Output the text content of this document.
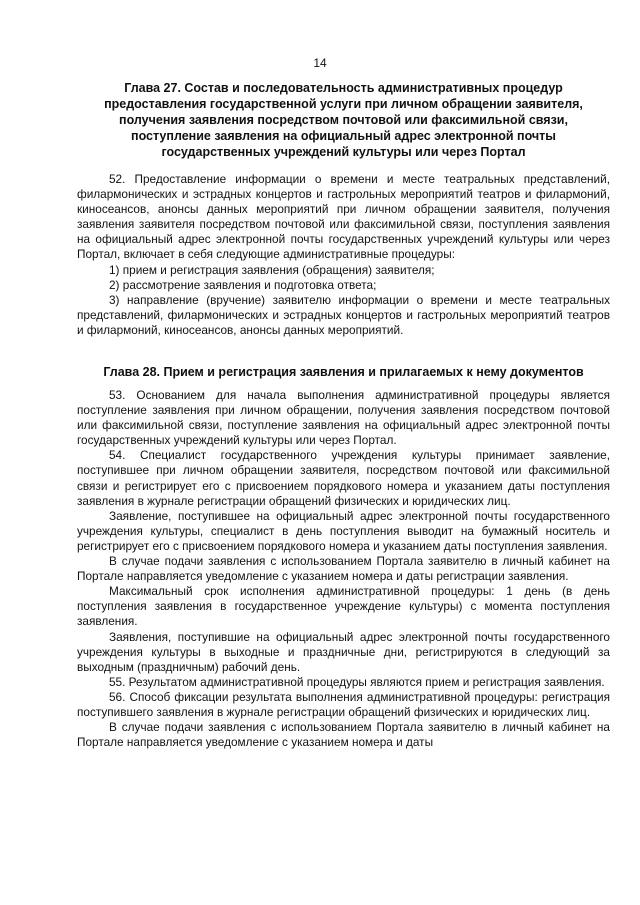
14

Глава 27. Состав и последовательность административных процедур

предоставления государственной услуги при личном обращении заявителя,

получения заявления посредством почтовой или факсимильной связи,

поступление заявления на официальный адрес электронной почты

государственных учреждений культуры или через Портал

52. Предоставление информации о времени и месте театральных представлений, филармонических и эстрадных концертов и гастрольных мероприятий театров и филармоний, киносеансов, анонсы данных мероприятий при личном обращении заявителя, получения заявления заявителя посредством почтовой или факсимильной связи, поступления заявления на официальный адрес электронной почты государственных учреждений культуры или через Портал, включает в себя следующие административные процедуры:

1) прием и регистрация заявления (обращения) заявителя;

2) рассмотрение заявления и подготовка ответа;

3) направление (вручение) заявителю информации о времени и месте театральных представлений, филармонических и эстрадных концертов и гастрольных мероприятий театров и филармоний, киносеансов, анонсы данных мероприятий.

Глава 28. Прием и регистрация заявления и прилагаемых к нему документов

53. Основанием для начала выполнения административной процедуры является поступление заявления при личном обращении, получения заявления посредством почтовой или факсимильной связи, поступление заявления на официальный адрес электронной почты государственных учреждений культуры или через Портал.

54. Специалист государственного учреждения культуры принимает заявление, поступившее при личном обращении заявителя, посредством почтовой или факсимильной связи и регистрирует его с присвоением порядкового номера и указанием даты поступления заявления в журнале регистрации обращений физических и юридических лиц.

Заявление, поступившее на официальный адрес электронной почты государственного учреждения культуры, специалист в день поступления выводит на бумажный носитель и регистрирует его с присвоением порядкового номера и указанием даты поступления заявления.

В случае подачи заявления с использованием Портала заявителю в личный кабинет на Портале направляется уведомление с указанием номера и даты регистрации заявления.

Максимальный срок исполнения административной процедуры: 1 день (в день поступления заявления в государственное учреждение культуры) с момента поступления заявления.

Заявления, поступившие на официальный адрес электронной почты государственного учреждения культуры в выходные и праздничные дни, регистрируются в следующий за выходным (праздничным) рабочий день.

55. Результатом административной процедуры являются прием и регистрация заявления.

56. Способ фиксации результата выполнения административной процедуры: регистрация поступившего заявления в журнале регистрации обращений физических и юридических лиц.

В случае подачи заявления с использованием Портала заявителю в личный кабинет на Портале направляется уведомление с указанием номера и даты
